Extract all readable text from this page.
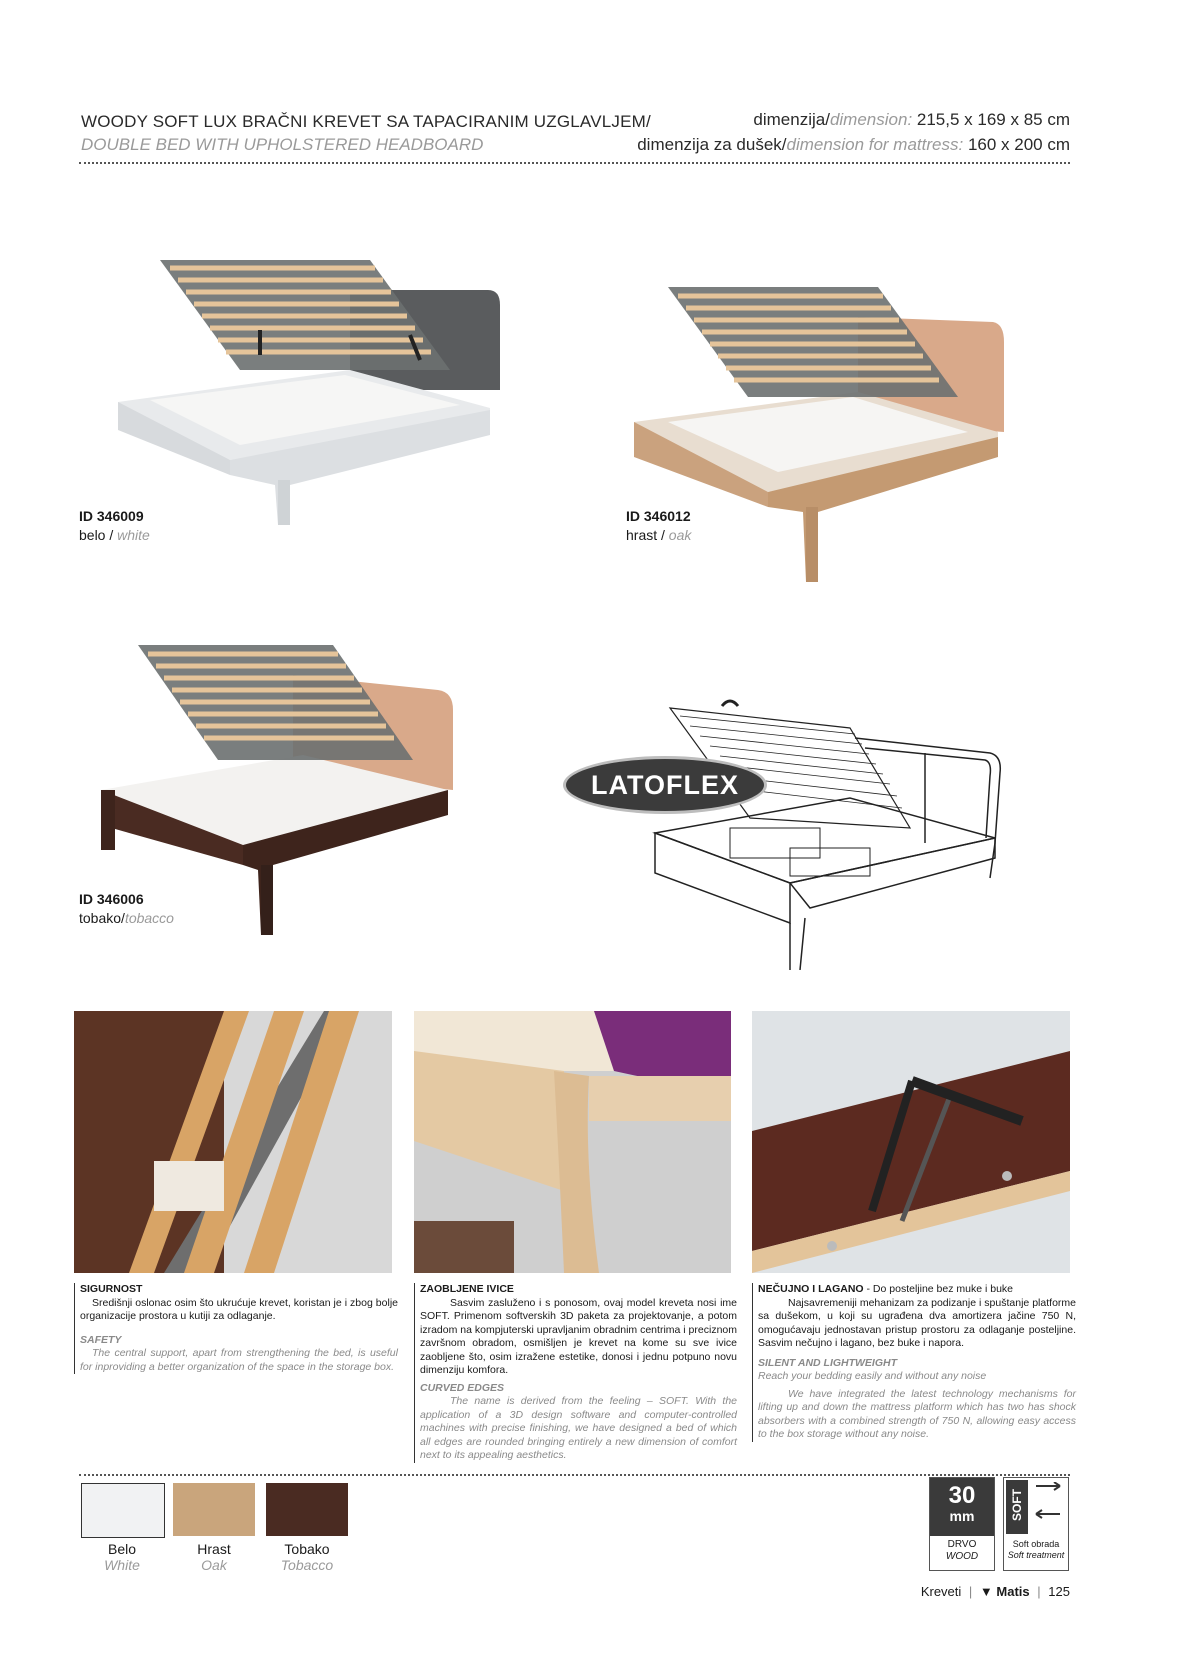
WOODY SOFT LUX BRAČNI KREVET SA TAPACIRANIM UZGLAVLJEM/
DOUBLE BED WITH UPHOLSTERED HEADBOARD
dimenzija/dimension: 215,5 x 169 x 85 cm
dimenzija za dušek/dimension for mattress: 160 x 200 cm
ID 346009
belo / white
ID 346012
hrast / oak
ID 346006
tobako/tobacco
LATOFLEX
SIGURNOST
Središnji oslonac osim što ukrućuje krevet, koristan je i zbog bolje organizacije prostora u kutiji za odlaganje.
SAFETY
The central support, apart from strengthening the bed, is useful for inproviding a better organization of the space in the storage box.
ZAOBLJENE IVICE
Sasvim zasluženo i s ponosom, ovaj model kreveta nosi ime SOFT. Primenom softverskih 3D paketa za projektovanje, a potom izradom na kompjuterski upravljanim obradnim centrima i preciznom završnom obradom, osmišljen je krevet na kome su sve ivice zaobljene što, osim izražene estetike, donosi i jednu potpuno novu dimenziju komfora.
CURVED EDGES
The name is derived from the feeling – SOFT. With the application of a 3D design software and computer-controlled machines with precise finishing, we have designed a bed of which all edges are rounded bringing entirely a new dimension of comfort next to its appealing aesthetics.
NEČUJNO I LAGANO - Do posteljine bez muke i buke
Najsavremeniji mehanizam za podizanje i spuštanje platforme sa dušekom, u koji su ugrađena dva amortizera jačine 750 N, omogućavaju jednostavan pristup prostoru za odlaganje posteljine. Sasvim nečujno i lagano, bez buke i napora.
SILENT AND LIGHTWEIGHT
Reach your bedding easily and without any noise
We have integrated the latest technology mechanisms for lifting up and down the mattress platform which has two has shock absorbers with a combined strength of 750 N, allowing easy access to the box storage without any noise.
Belo
White
Hrast
Oak
Tobako
Tobacco
30
mm
DRVO
WOOD
SOFT
Soft obrada
Soft treatment
Kreveti | ▼ Matis | 125
